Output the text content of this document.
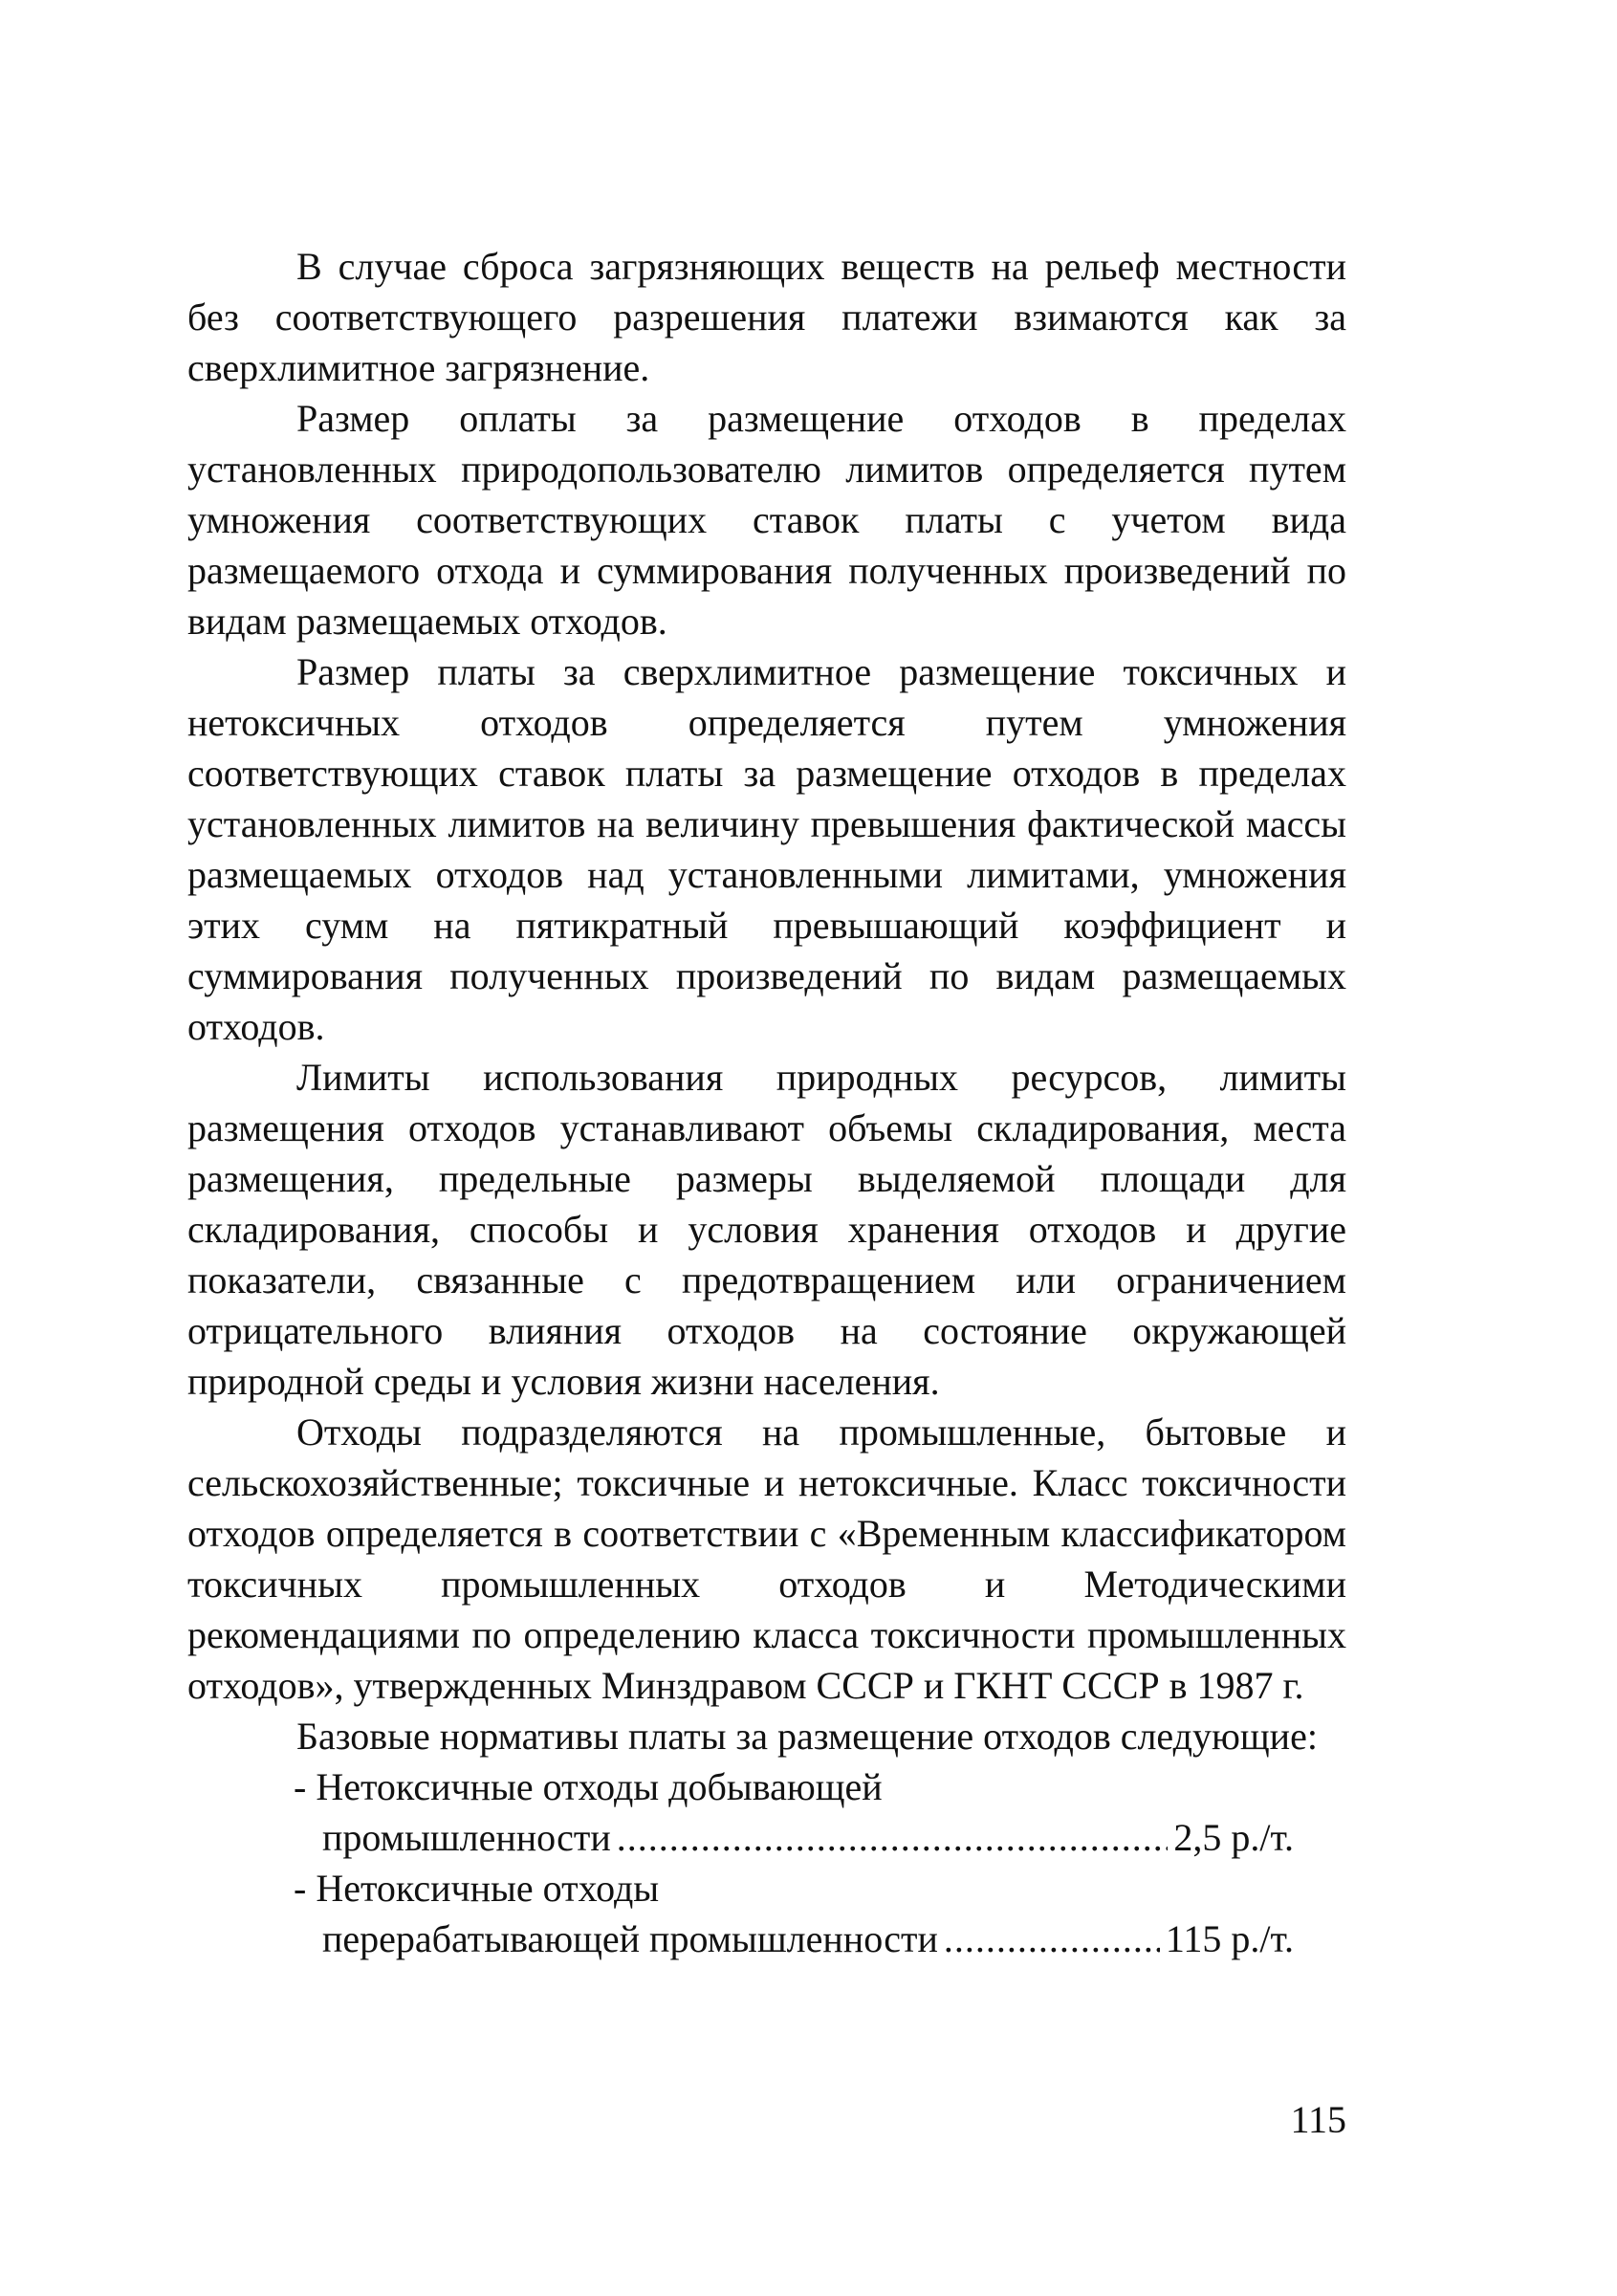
В случае сброса загрязняющих веществ на рельеф местности без соответствующего разрешения платежи взимаются как за сверхлимитное загрязнение.

Размер оплаты за размещение отходов в пределах установленных природопользователю лимитов определяется путем умножения соответствующих ставок платы с учетом вида размещаемого отхода и суммирования полученных произведений по видам размещаемых отходов.

Размер платы за сверхлимитное размещение токсичных и нетоксичных отходов определяется путем умножения соответствующих ставок платы за размещение отходов в пределах установленных лимитов на величину превышения фактической массы размещаемых отходов над установленными лимитами, умножения этих сумм на пятикратный превышающий коэффициент и суммирования полученных произведений по видам размещаемых отходов.

Лимиты использования природных ресурсов, лимиты размещения отходов устанавливают объемы складирования, места размещения, предельные размеры выделяемой площади для складирования, способы и условия хранения отходов и другие показатели, связанные с предотвращением или ограничением отрицательного влияния отходов на состояние окружающей природной среды и условия жизни населения.

Отходы подразделяются на промышленные, бытовые и сельскохозяйственные; токсичные и нетоксичные. Класс токсичности отходов определяется в соответствии с «Временным классификатором токсичных промышленных отходов и Методическими рекомендациями по определению класса токсичности промышленных отходов», утвержденных Минздравом СССР и ГКНТ СССР в 1987 г.

Базовые нормативы платы за размещение отходов следующие:

- Нетоксичные отходы добывающей
промышленности .....	2,5 р./т.
- Нетоксичные отходы
перерабатывающей промышленности .....	115 р./т.
115
